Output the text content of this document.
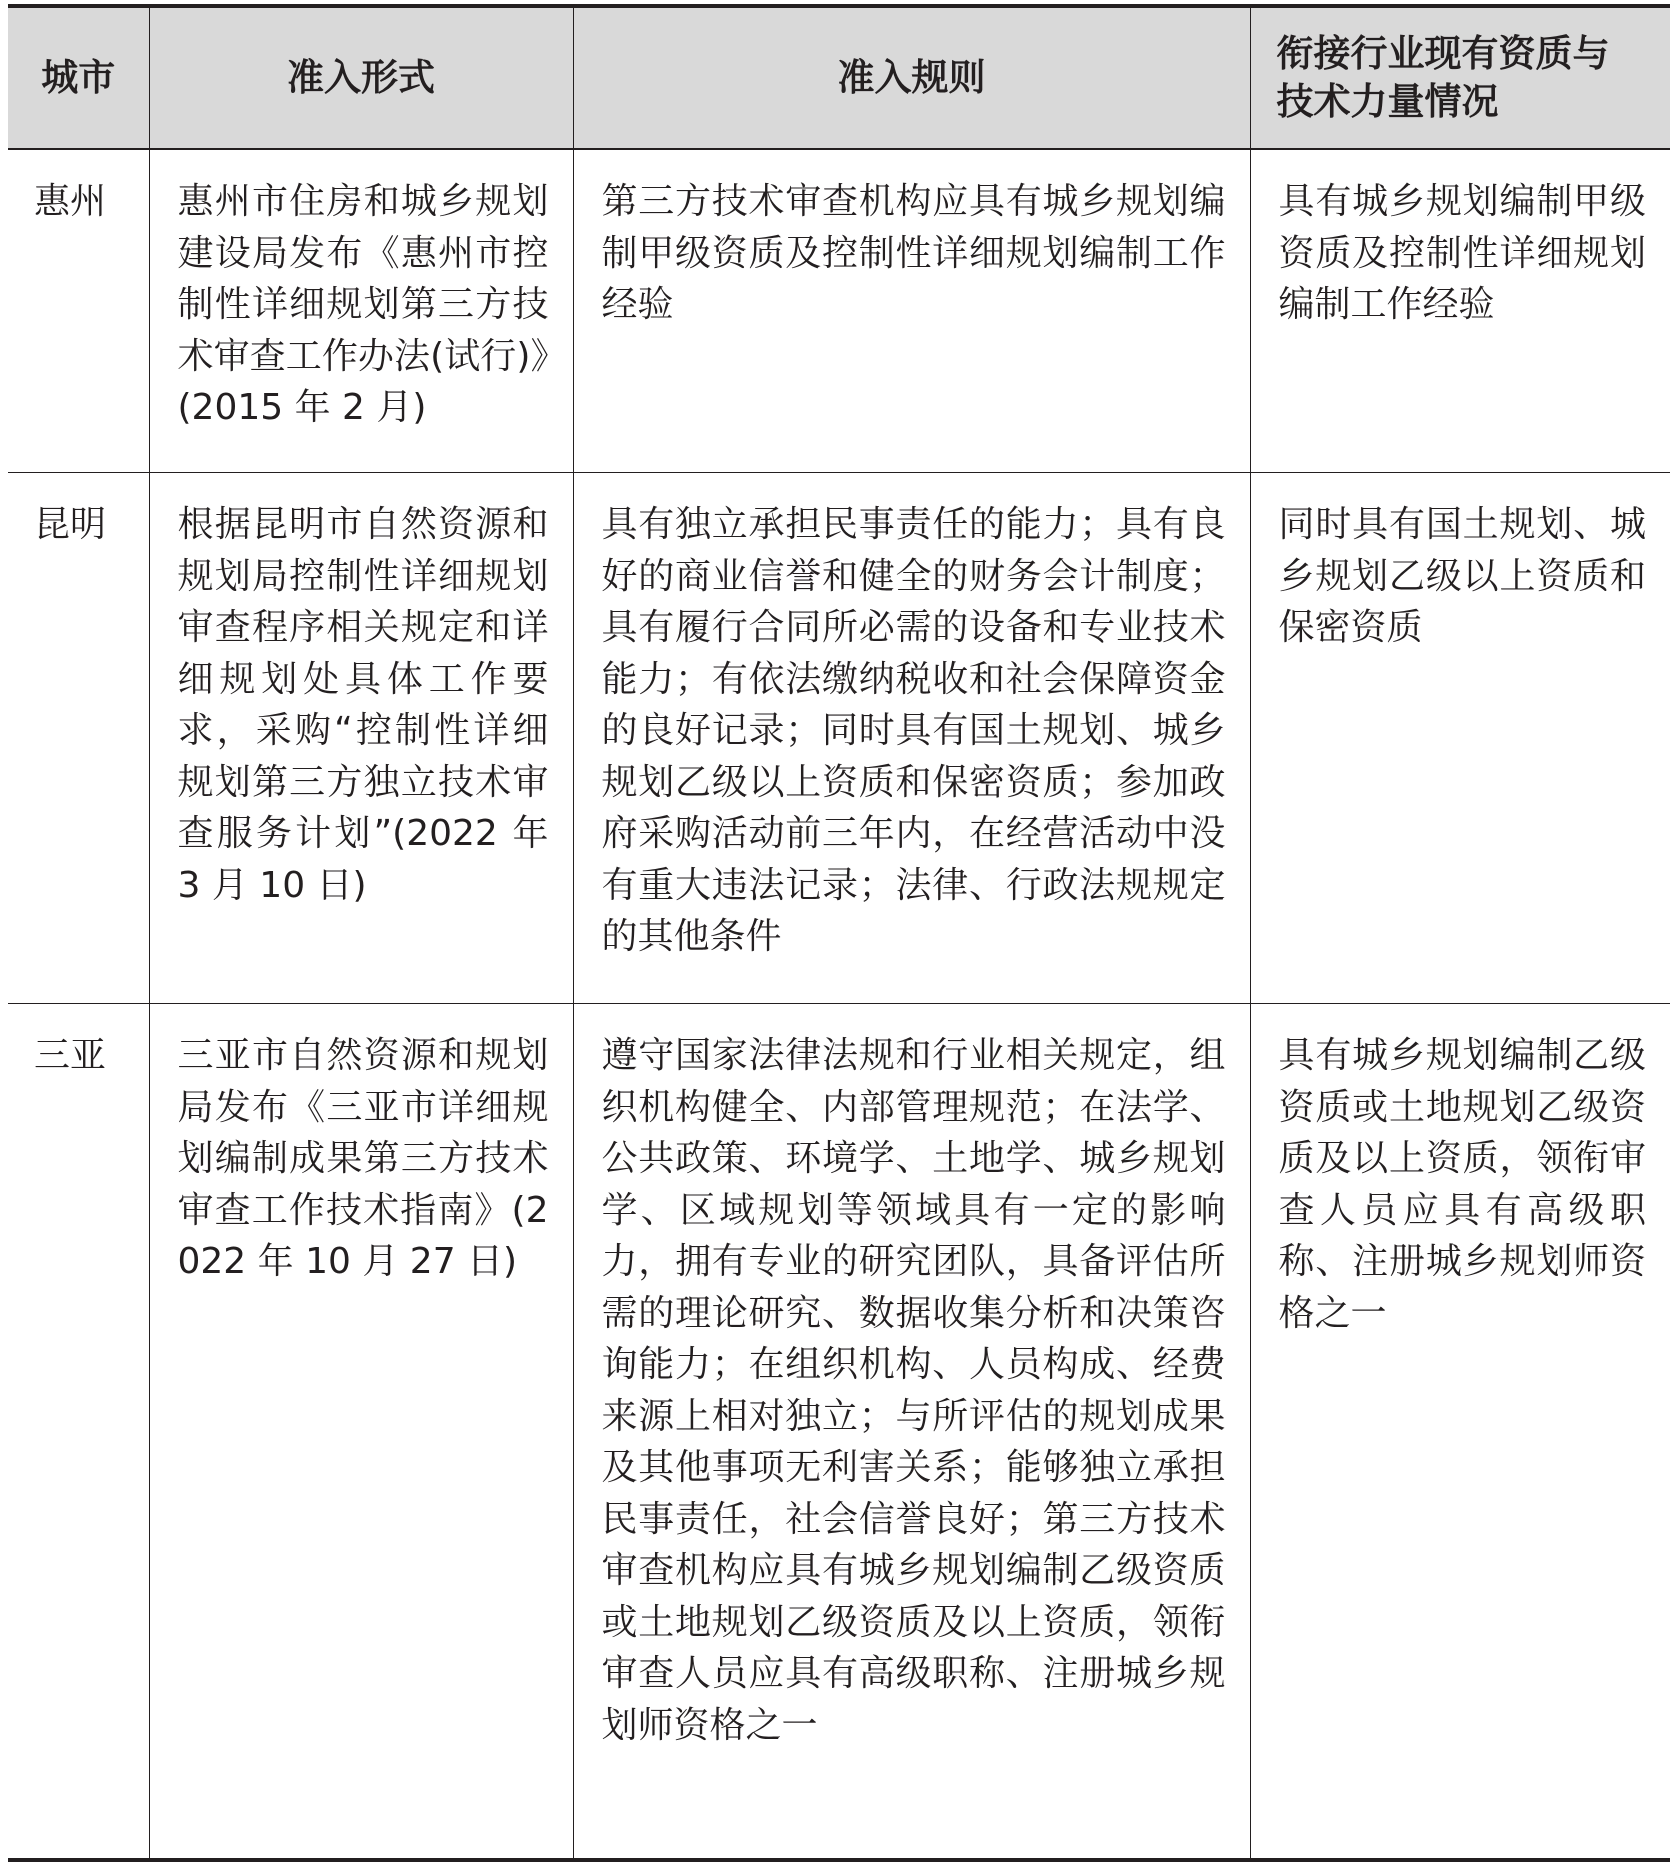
城市	准入形式	准入规则	衔接行业现有资质与技术力量情况
惠州	惠州市住房和城乡规划建设局发布《惠州市控制性详细规划第三方技术审查工作办法(试行)》(2015 年 2 月)	第三方技术审查机构应具有城乡规划编制甲级资质及控制性详细规划编制工作经验	具有城乡规划编制甲级资质及控制性详细规划编制工作经验
昆明	根据昆明市自然资源和规划局控制性详细规划审查程序相关规定和详细规划处具体工作要求，采购“控制性详细规划第三方独立技术审查服务计划”(2022 年 3 月 10 日)	具有独立承担民事责任的能力；具有良好的商业信誉和健全的财务会计制度；具有履行合同所必需的设备和专业技术能力；有依法缴纳税收和社会保障资金的良好记录；同时具有国土规划、城乡规划乙级以上资质和保密资质；参加政府采购活动前三年内，在经营活动中没有重大违法记录；法律、行政法规规定的其他条件	同时具有国土规划、城乡规划乙级以上资质和保密资质
三亚	三亚市自然资源和规划局发布《三亚市详细规划编制成果第三方技术审查工作技术指南》(2022 年 10 月 27 日)	遵守国家法律法规和行业相关规定，组织机构健全、内部管理规范；在法学、公共政策、环境学、土地学、城乡规划学、区域规划等领域具有一定的影响力，拥有专业的研究团队，具备评估所需的理论研究、数据收集分析和决策咨询能力；在组织机构、人员构成、经费来源上相对独立；与所评估的规划成果及其他事项无利害关系；能够独立承担民事责任，社会信誉良好；第三方技术审查机构应具有城乡规划编制乙级资质或土地规划乙级资质及以上资质，领衔审查人员应具有高级职称、注册城乡规划师资格之一	具有城乡规划编制乙级资质或土地规划乙级资质及以上资质，领衔审查人员应具有高级职称、注册城乡规划师资格之一
